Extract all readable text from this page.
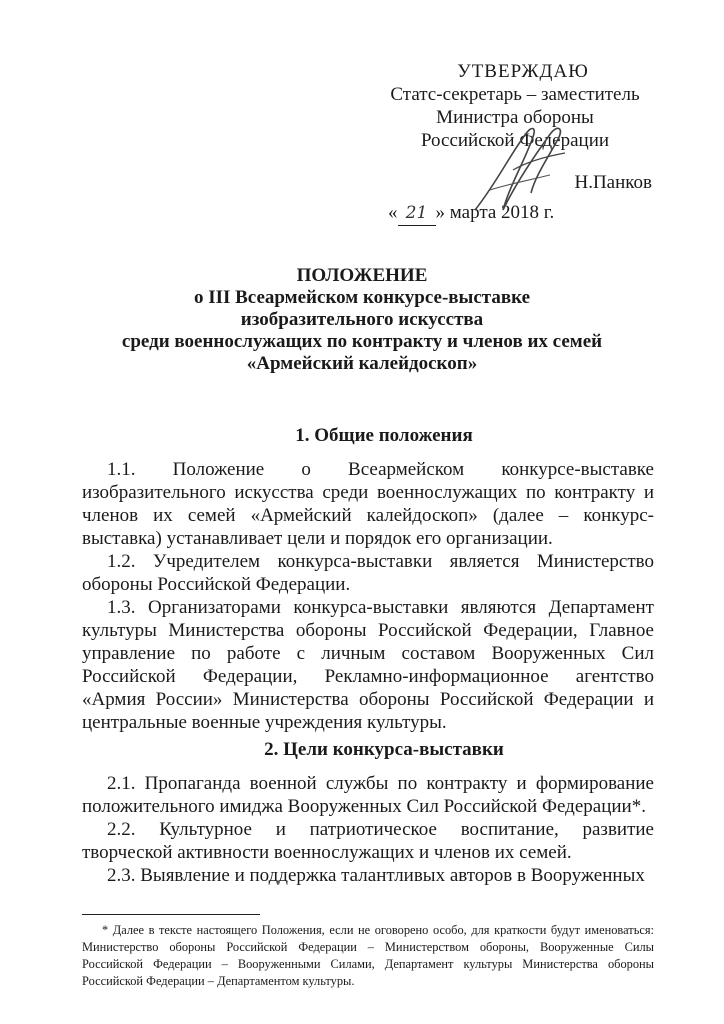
УТВЕРЖДАЮ
Статс-секретарь – заместитель
Министра обороны
Российской Федерации
Н.Панков
« 21 » марта 2018 г.
ПОЛОЖЕНИЕ
о III Всеармейском конкурсе-выставке
изобразительного искусства
среди военнослужащих по контракту и членов их семей
«Армейский калейдоскоп»
1. Общие положения

1.1. Положение о Всеармейском конкурсе-выставке изобразительного искусства среди военнослужащих по контракту и членов их семей «Армейский калейдоскоп» (далее – конкурс-выставка) устанавливает цели и порядок его организации.

1.2. Учредителем конкурса-выставки является Министерство обороны Российской Федерации.

1.3. Организаторами конкурса-выставки являются Департамент культуры Министерства обороны Российской Федерации, Главное управление по работе с личным составом Вооруженных Сил Российской Федерации, Рекламно-информационное агентство «Армия России» Министерства обороны Российской Федерации и центральные военные учреждения культуры.

2. Цели конкурса-выставки

2.1. Пропаганда военной службы по контракту и формирование положительного имиджа Вооруженных Сил Российской Федерации*.

2.2. Культурное и патриотическое воспитание, развитие творческой активности военнослужащих и членов их семей.

2.3. Выявление и поддержка талантливых авторов в Вооруженных

* Далее в тексте настоящего Положения, если не оговорено особо, для краткости будут именоваться: Министерство обороны Российской Федерации – Министерством обороны, Вооруженные Силы Российской Федерации – Вооруженными Силами, Департамент культуры Министерства обороны Российской Федерации – Департаментом культуры.
